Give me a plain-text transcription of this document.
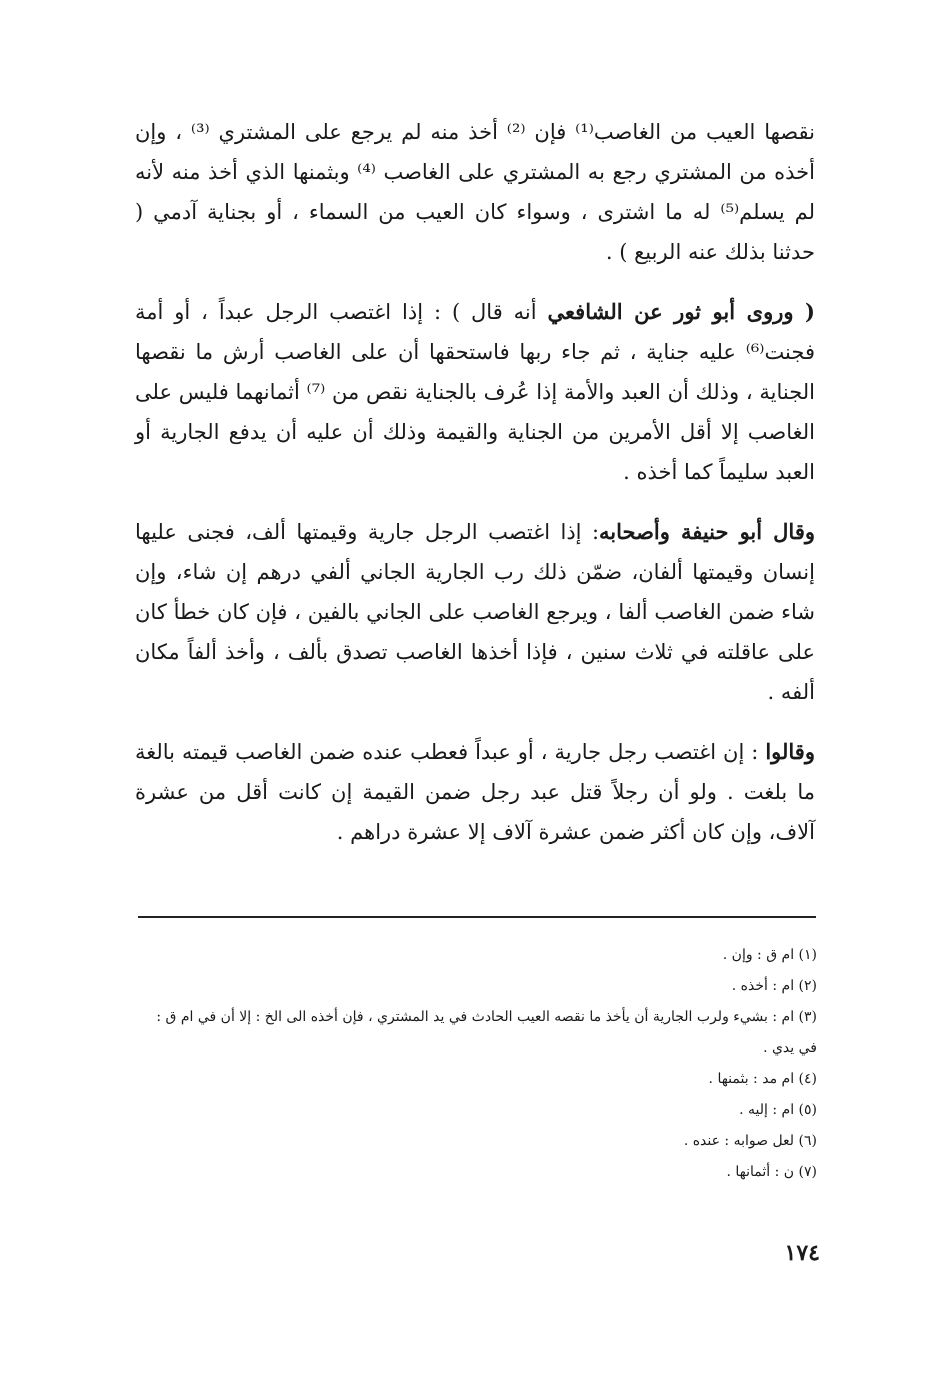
نقصها العيب من الغاصب⁽¹⁾ فإن ⁽²⁾ أخذ منه لم يرجع على المشتري ⁽³⁾ ، وإن أخذه من المشتري رجع به المشتري على الغاصب ⁽⁴⁾ وبثمنها الذي أخذ منه لأنه لم يسلم⁽⁵⁾ له ما اشترى ، وسواء كان العيب من السماء ، أو بجناية آدمي ( حدثنا بذلك عنه الربيع ) .

( وروى أبو ثور عن الشافعي أنه قال ) : إذا اغتصب الرجل عبداً ، أو أمة فجنت⁽⁶⁾ عليه جناية ، ثم جاء ربها فاستحقها أن على الغاصب أرش ما نقصها الجناية ، وذلك أن العبد والأمة إذا عُرف بالجناية نقص من ⁽⁷⁾ أثمانهما فليس على الغاصب إلا أقل الأمرين من الجناية والقيمة وذلك أن عليه أن يدفع الجارية أو العبد سليماً كما أخذه .

وقال أبو حنيفة وأصحابه: إذا اغتصب الرجل جارية وقيمتها ألف، فجنى عليها إنسان وقيمتها ألفان، ضمّن ذلك رب الجارية الجاني ألفي درهم إن شاء، وإن شاء ضمن الغاصب ألفا ، ويرجع الغاصب على الجاني بالفين ، فإن كان خطأ كان على عاقلته في ثلاث سنين ، فإذا أخذها الغاصب تصدق بألف ، وأخذ ألفاً مكان ألفه .

وقالوا : إن اغتصب رجل جارية ، أو عبداً فعطب عنده ضمن الغاصب قيمته بالغة ما بلغت . ولو أن رجلاً قتل عبد رجل ضمن القيمة إن كانت أقل من عشرة آلاف، وإن كان أكثر ضمن عشرة آلاف إلا عشرة دراهم .

(١) ام ق : وإن .
(٢) ام : أخذه .
(٣) ام : بشيء ولرب الجارية أن يأخذ ما نقصه العيب الحادث في يد المشتري ، فإن أخذه الى الخ : إلا أن في ام ق : في يدي .
(٤) ام مد : بثمنها .
(٥) ام : إليه .
(٦) لعل صوابه : عنده .
(٧) ن : أثمانها .
١٧٤
